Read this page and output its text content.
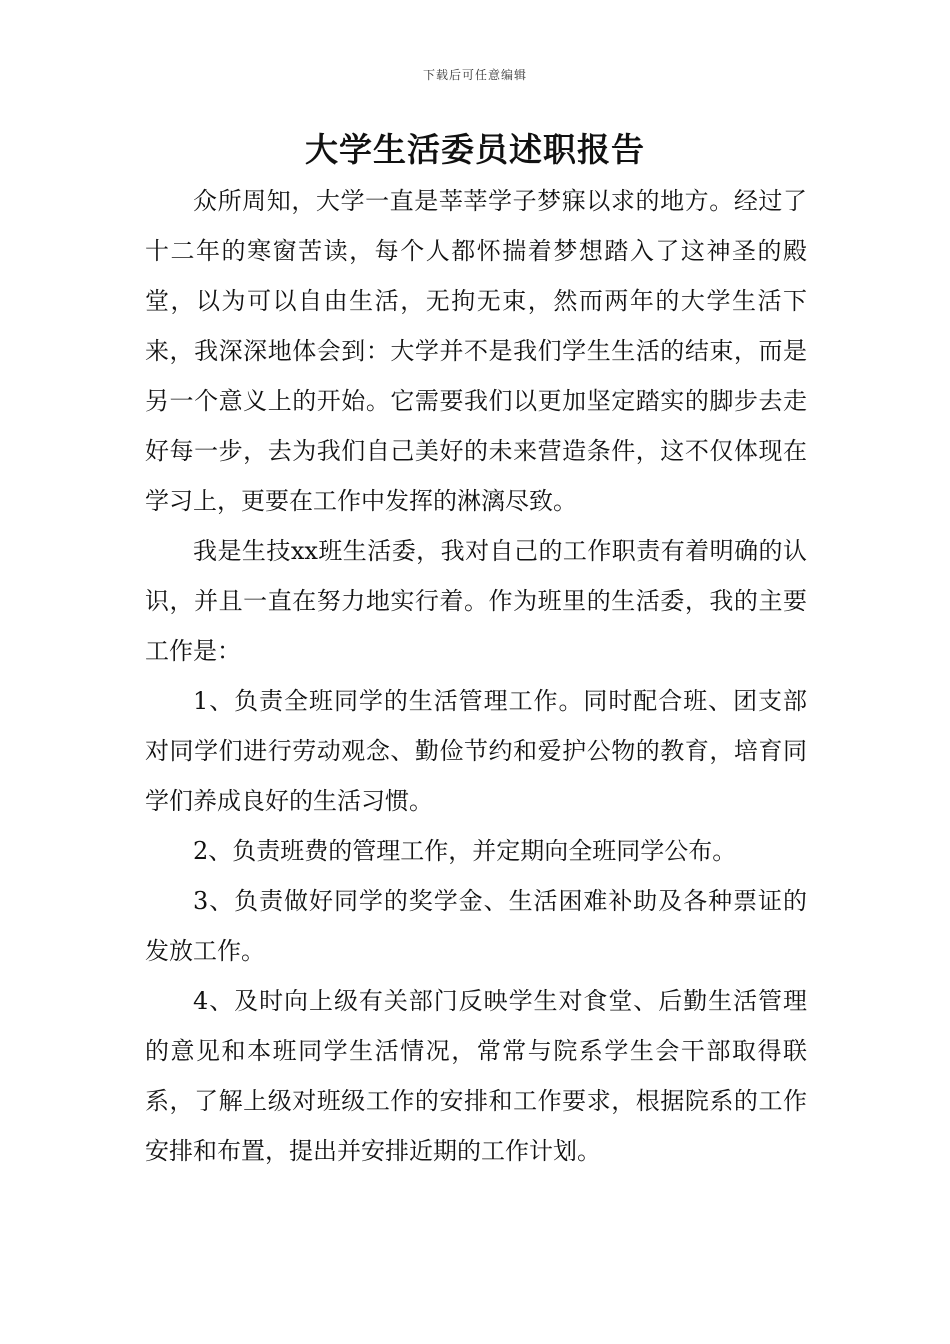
下载后可任意编辑
大学生活委员述职报告

众所周知，大学一直是莘莘学子梦寐以求的地方。经过了十二年的寒窗苦读，每个人都怀揣着梦想踏入了这神圣的殿堂，以为可以自由生活，无拘无束，然而两年的大学生活下来，我深深地体会到：大学并不是我们学生生活的结束，而是另一个意义上的开始。它需要我们以更加坚定踏实的脚步去走好每一步，去为我们自己美好的未来营造条件，这不仅体现在学习上，更要在工作中发挥的淋漓尽致。

我是生技xx班生活委，我对自己的工作职责有着明确的认识，并且一直在努力地实行着。作为班里的生活委，我的主要工作是：

1、负责全班同学的生活管理工作。同时配合班、团支部对同学们进行劳动观念、勤俭节约和爱护公物的教育，培育同学们养成良好的生活习惯。

2、负责班费的管理工作，并定期向全班同学公布。

3、负责做好同学的奖学金、生活困难补助及各种票证的发放工作。

4、及时向上级有关部门反映学生对食堂、后勤生活管理的意见和本班同学生活情况，常常与院系学生会干部取得联系，了解上级对班级工作的安排和工作要求，根据院系的工作安排和布置，提出并安排近期的工作计划。
